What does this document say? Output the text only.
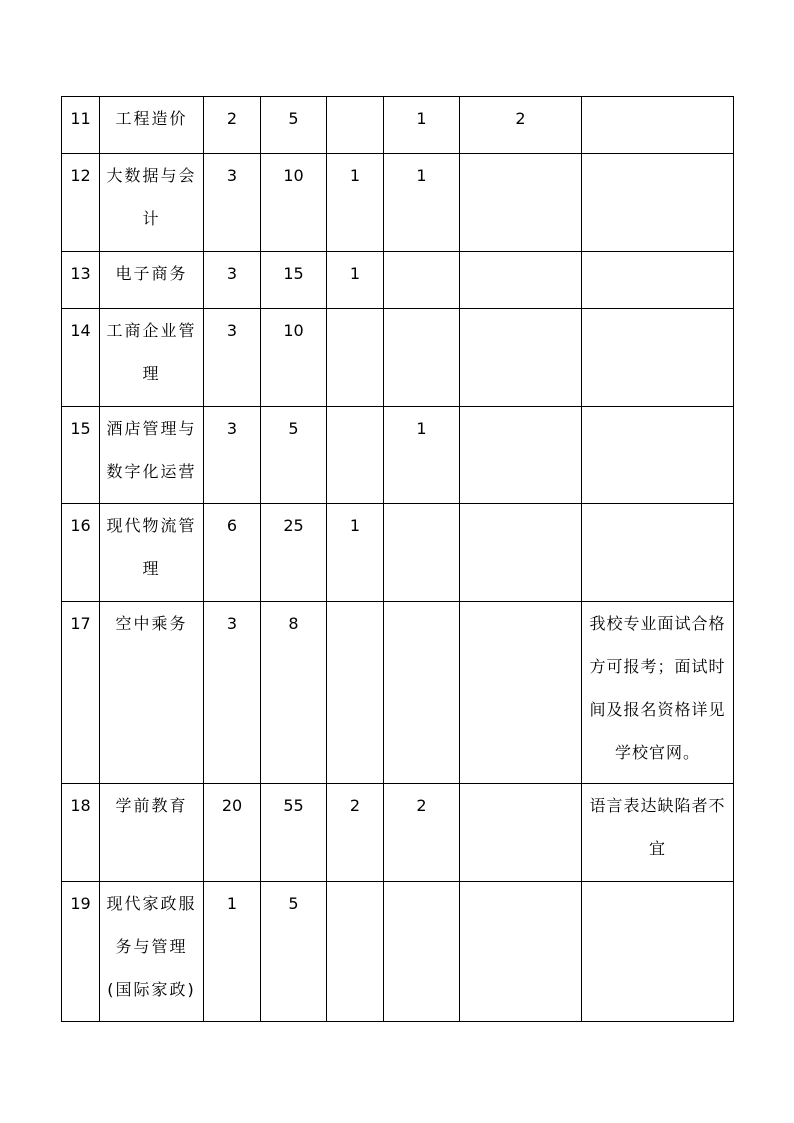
11	工程造价	2	5		1	2	
12	大数据与会计	3	10	1	1		
13	电子商务	3	15	1			
14	工商企业管理	3	10				
15	酒店管理与数字化运营	3	5		1		
16	现代物流管理	6	25	1			
17	空中乘务	3	8				我校专业面试合格方可报考；面试时间及报名资格详见学校官网。
18	学前教育	20	55	2	2		语言表达缺陷者不宜
19	现代家政服务与管理(国际家政)	1	5				
